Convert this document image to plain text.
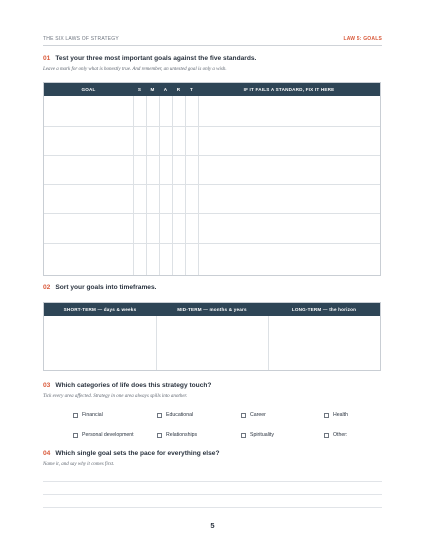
THE SIX LAWS OF STRATEGY	LAW 5: GOALS
01 Test your three most important goals against the five standards.
Leave a mark for only what is honestly true. And remember, an untested goal is only a wish.
GOAL	S	M	A	R	T	IF IT FAILS A STANDARD, FIX IT HERE
02 Sort your goals into timeframes.
SHORT-TERM — days & weeks	MID-TERM — months & years	LONG-TERM — the horizon
03 Which categories of life does this strategy touch?
Tick every area affected. Strategy in one area always spills into another.
Financial	Educational	Career	Health
Personal development	Relationships	Spirituality	Other:
04 Which single goal sets the pace for everything else?
Name it, and say why it comes first.
5
